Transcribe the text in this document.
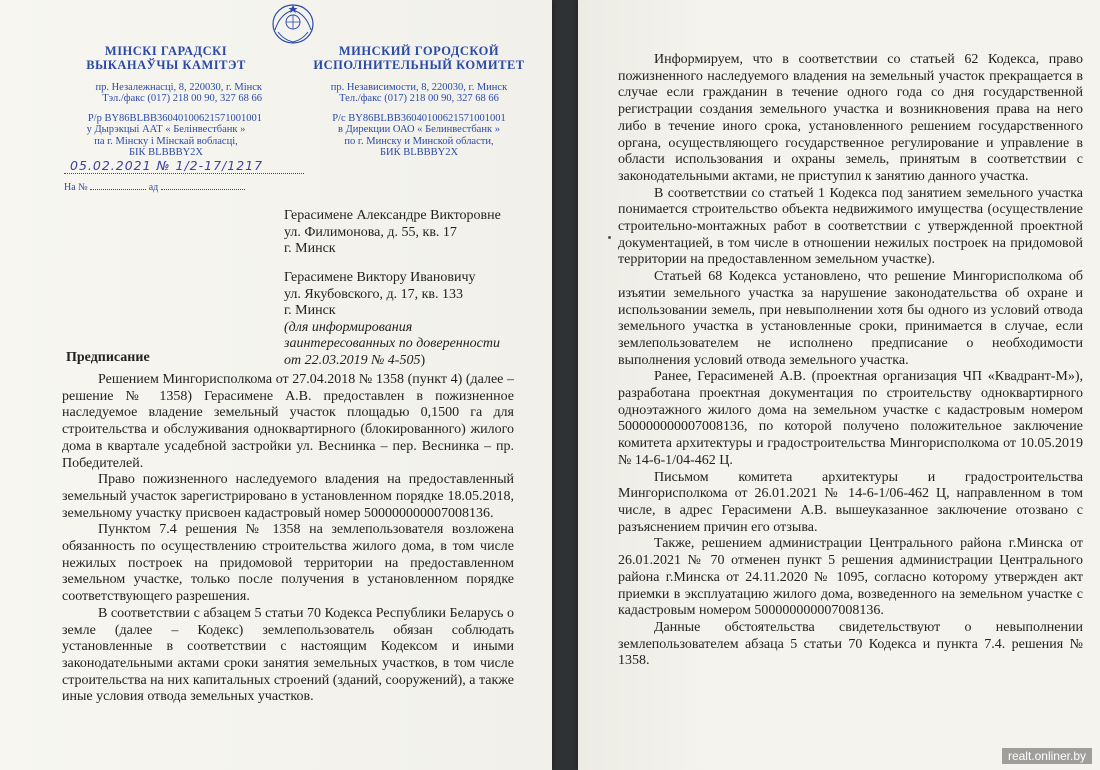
МІНСКІ ГАРАДСКІ
ВЫКАНАЎЧЫ КАМІТЭТ
пр. Незалежнасці, 8, 220030, г. Мінск
Тэл./факс (017) 218 00 90, 327 68 66
Р/р BY86BLBB36040100621571001001
у Дырэкцыі ААТ « Белінвестбанк »
па г. Мінску і Мінскай вобласці,
БІК BLBBBY2X
МИНСКИЙ ГОРОДСКОЙ
ИСПОЛНИТЕЛЬНЫЙ КОМИТЕТ
пр. Независимости, 8, 220030, г. Минск
Тел./факс (017) 218 00 90, 327 68 66
Р/с BY86BLBB36040100621571001001
в Дирекции ОАО « Белинвестбанк »
по г. Минску и Минской области,
БИК BLBBBY2X
05.02.2021 № 1/2-17/1217
На №	ад
Герасимене Александре Викторовне
ул. Филимонова, д. 55, кв. 17
г. Минск
Герасимене Виктору Ивановичу
ул. Якубовского, д. 17, кв. 133
г. Минск
(для информирования
заинтересованных по доверенности
от 22.03.2019 № 4-505)
Предписание

Решением Мингорисполкома от 27.04.2018 № 1358 (пункт 4) (далее – решение № 1358) Герасимене А.В. предоставлен в пожизненное наследуемое владение земельный участок площадью 0,1500 га для строительства и обслуживания одноквартирного (блокированного) жилого дома в квартале усадебной застройки ул. Веснинка – пер. Веснинка – пр. Победителей.

Право пожизненного наследуемого владения на предоставленный земельный участок зарегистрировано в установленном порядке 18.05.2018, земельному участку присвоен кадастровый номер 500000000007008136.

Пунктом 7.4 решения № 1358 на землепользователя возложена обязанность по осуществлению строительства жилого дома, в том числе нежилых построек на придомовой территории на предоставленном земельном участке, только после получения в установленном порядке соответствующего разрешения.

В соответствии с абзацем 5 статьи 70 Кодекса Республики Беларусь о земле (далее – Кодекс) землепользователь обязан соблюдать установленные в соответствии с настоящим Кодексом и иными законодательными актами сроки занятия земельных участков, в том числе строительства на них капитальных строений (зданий, сооружений), а также иные условия отвода земельных участков.

Информируем, что в соответствии со статьей 62 Кодекса, право пожизненного наследуемого владения на земельный участок прекращается в случае если гражданин в течение одного года со дня государственной регистрации создания земельного участка и возникновения права на него либо в течение иного срока, установленного решением государственного органа, осуществляющего государственное регулирование и управление в области использования и охраны земель, принятым в соответствии с законодательными актами, не приступил к занятию данного участка.

В соответствии со статьей 1 Кодекса под занятием земельного участка понимается строительство объекта недвижимого имущества (осуществление строительно-монтажных работ в соответствии с утвержденной проектной документацией, в том числе в отношении нежилых построек на придомовой территории на предоставленном земельном участке).

Статьей 68 Кодекса установлено, что решение Мингорисполкома об изъятии земельного участка за нарушение законодательства об охране и использовании земель, при невыполнении хотя бы одного из условий отвода земельного участка в установленные сроки, принимается в случае, если землепользователем не исполнено предписание о необходимости выполнения условий отвода земельного участка.

Ранее, Герасименей А.В. (проектная организация ЧП «Квадрант-М»), разработана проектная документация по строительству одноквартирного одноэтажного жилого дома на земельном участке с кадастровым номером 500000000007008136, по которой получено положительное заключение комитета архитектуры и градостроительства Мингорисполкома от 10.05.2019 № 14-6-1/04-462 Ц.

Письмом комитета архитектуры и градостроительства Мингорисполкома от 26.01.2021 № 14-6-1/06-462 Ц, направленном в том числе, в адрес Герасимени А.В. вышеуказанное заключение отозвано с разъяснением причин его отзыва.

Также, решением администрации Центрального района г.Минска от 26.01.2021 № 70 отменен пункт 5 решения администрации Центрального района г.Минска от 24.11.2020 № 1095, согласно которому утвержден акт приемки в эксплуатацию жилого дома, возведенного на земельном участке с кадастровым номером 500000000007008136.

Данные обстоятельства свидетельствуют о невыполнении землепользователем абзаца 5 статьи 70 Кодекса и пункта 7.4. решения № 1358.

realt.onliner.by
